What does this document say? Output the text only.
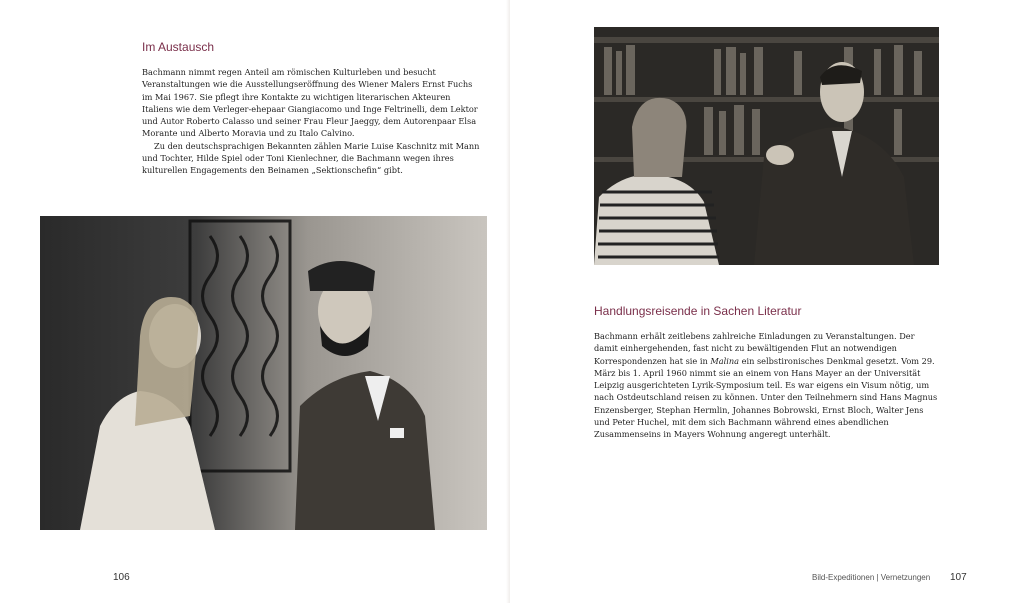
Im Austausch

Bachmann nimmt regen Anteil am römischen Kulturleben und besucht Veranstaltungen wie die Ausstellungseröffnung des Wiener Malers Ernst Fuchs im Mai 1967. Sie pflegt ihre Kontakte zu wichtigen literarischen Akteuren Italiens wie dem Verleger-ehepaar Giangiacomo und Inge Feltrinelli, dem Lektor und Autor Roberto Calasso und seiner Frau Fleur Jaeggy, dem Autorenpaar Elsa Morante und Alberto Moravia und zu Italo Calvino.

Zu den deutschsprachigen Bekannten zählen Marie Luise Kaschnitz mit Mann und Tochter, Hilde Spiel oder Toni Kienlechner, die Bachmann wegen ihres kulturellen Engagements den Beinamen „Sektionschefin“ gibt.

106
Handlungsreisende in Sachen Literatur

Bachmann erhält zeitlebens zahlreiche Einladungen zu Veranstaltungen. Der damit einhergehenden, fast nicht zu bewältigenden Flut an notwendigen Korrespondenzen hat sie in Malina ein selbstironisches Denkmal gesetzt. Vom 29. März bis 1. April 1960 nimmt sie an einem von Hans Mayer an der Universität Leipzig ausgerichteten Lyrik-Symposium teil. Es war eigens ein Visum nötig, um nach Ostdeutschland reisen zu können. Unter den Teilnehmern sind Hans Magnus Enzensberger, Stephan Hermlin, Johannes Bobrowski, Ernst Bloch, Walter Jens und Peter Huchel, mit dem sich Bachmann während eines abendlichen Zusammenseins in Mayers Wohnung angeregt unterhält.

Bild-Expeditionen | Vernetzungen 107
